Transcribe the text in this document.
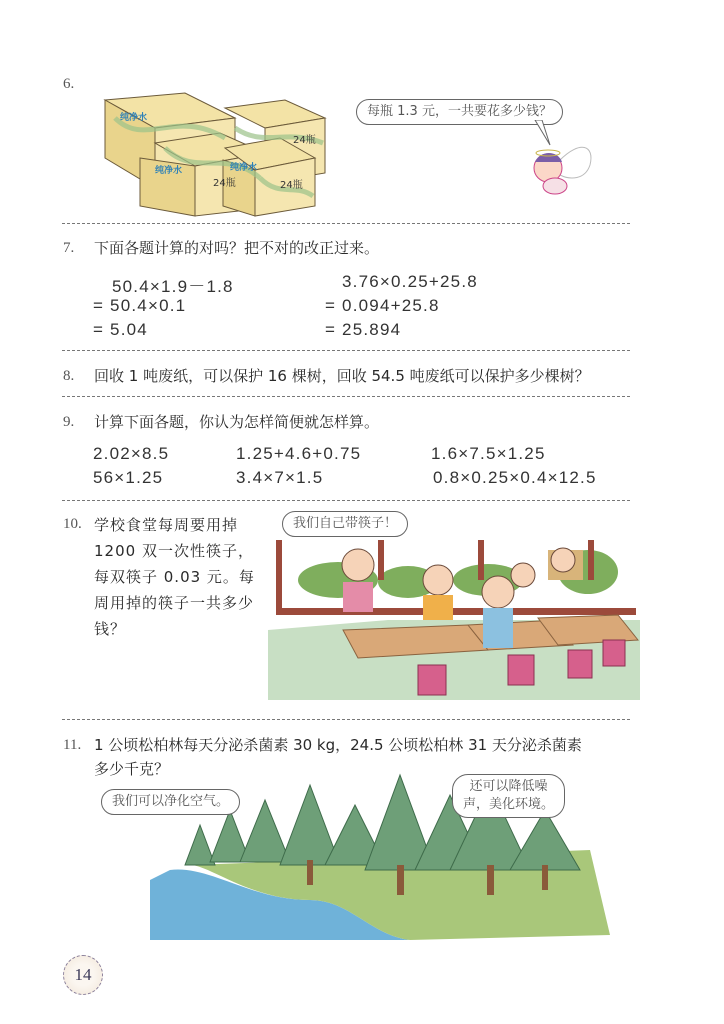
6.
24瓶	24瓶
24瓶
纯净水
纯净水	纯净水
每瓶 1.3 元，一共要花多少钱？
7. 下面各题计算的对吗？把不对的改正过来。
50.4×1.9－1.8
= 50.4×0.1
= 5.04
3.76×0.25+25.8
= 0.094+25.8
= 25.894
8. 回收 1 吨废纸，可以保护 16 棵树，回收 54.5 吨废纸可以保护多少棵树？
9. 计算下面各题，你认为怎样简便就怎样算。
2.02×8.5	1.25+4.6+0.75	1.6×7.5×1.25
56×1.25	3.4×7×1.5	0.8×0.25×0.4×12.5
10. 学校食堂每周要用掉
1200 双一次性筷子，
每双筷子 0.03 元。每
周用掉的筷子一共多少
钱？
我们自己带筷子！
11. 1 公顷松柏林每天分泌杀菌素 30 kg，24.5 公顷松柏林 31 天分泌杀菌素
多少千克？
我们可以净化空气。
还可以降低噪
声，美化环境。
14
